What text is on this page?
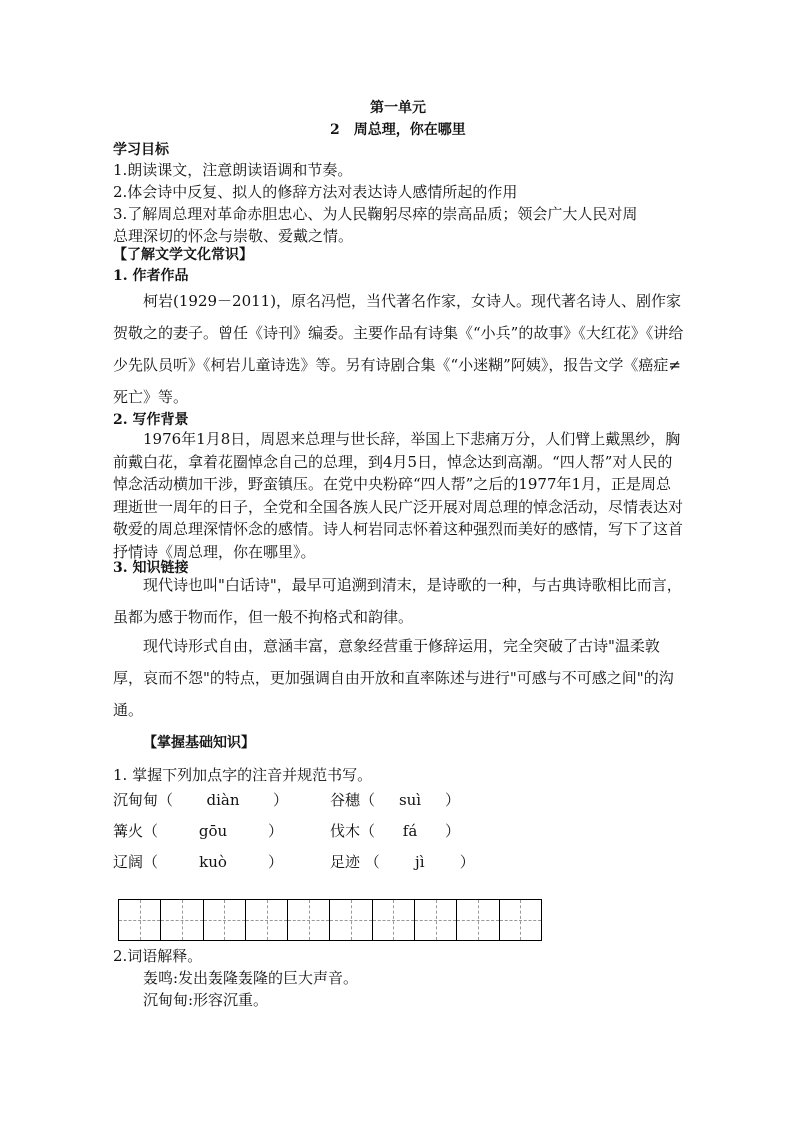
第一单元
2　周总理，你在哪里
学习目标
1.朗读课文，注意朗读语调和节奏。
2.体会诗中反复、拟人的修辞方法对表达诗人感情所起的作用
3.了解周总理对革命赤胆忠心、为人民鞠躬尽瘁的崇高品质；领会广大人民对周
总理深切的怀念与崇敬、爱戴之情。
【了解文学文化常识】
1. 作者作品
柯岩(1929－2011)，原名冯恺，当代著名作家，女诗人。现代著名诗人、剧作家贺敬之的妻子。曾任《诗刊》编委。主要作品有诗集《“小兵”的故事》《大红花》《讲给少先队员听》《柯岩儿童诗选》等。另有诗剧合集《“小迷糊”阿姨》，报告文学《癌症≠死亡》等。
2. 写作背景
1976年1月8日，周恩来总理与世长辞，举国上下悲痛万分，人们臂上戴黑纱，胸前戴白花，拿着花圈悼念自己的总理，到4月5日，悼念达到高潮。“四人帮”对人民的悼念活动横加干涉，野蛮镇压。在党中央粉碎“四人帮”之后的1977年1月，正是周总理逝世一周年的日子，全党和全国各族人民广泛开展对周总理的悼念活动，尽情表达对敬爱的周总理深情怀念的感情。诗人柯岩同志怀着这种强烈而美好的感情，写下了这首抒情诗《周总理，你在哪里》。
3. 知识链接
现代诗也叫"白话诗"，最早可追溯到清末，是诗歌的一种，与古典诗歌相比而言，虽都为感于物而作，但一般不拘格式和韵律。
现代诗形式自由，意涵丰富，意象经营重于修辞运用，完全突破了古诗"温柔敦厚，哀而不怨"的特点，更加强调自由开放和直率陈述与进行"可感与不可感之间"的沟通。
【掌握基础知识】
1. 掌握下列加点字的注音并规范书写。
沉甸甸（ diàn ）	谷穗（ suì ）
篝火（	gōu	）	伐木（ fá ）
辽阔（	kuò	）	足迹 （ jì ）
2.词语解释。
轰鸣:发出轰隆轰隆的巨大声音。
沉甸甸:形容沉重。
